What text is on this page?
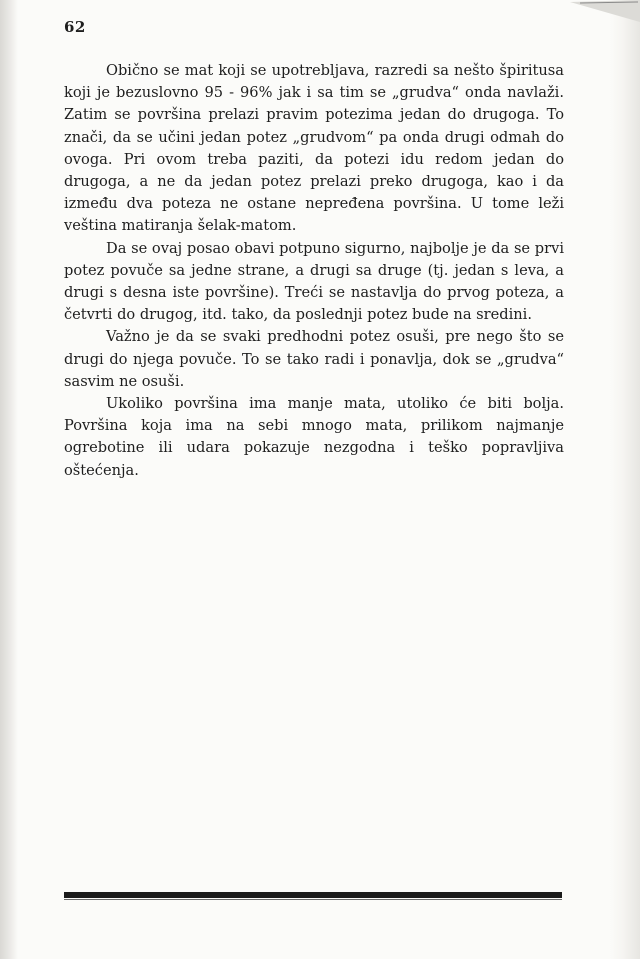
62

Obično se mat koji se upotrebljava, razredi sa nešto špiritusa koji je bezuslovno 95 - 96% jak i sa tim se „grudva“ onda navlaži. Zatim se površina prelazi pravim potezima jedan do drugoga. To znači, da se učini jedan potez „grudvom“ pa onda drugi odmah do ovoga. Pri ovom treba paziti, da potezi idu redom jedan do drugoga, a ne da jedan potez prelazi preko drugoga, kao i da između dva poteza ne ostane nepređena površina. U tome leži veština matiranja šelak-matom.

Da se ovaj posao obavi potpuno sigurno, najbolje je da se prvi potez povuče sa jedne strane, a drugi sa druge (tj. jedan s leva, a drugi s desna iste površine). Treći se nastavlja do prvog poteza, a četvrti do drugog, itd. tako, da poslednji potez bude na sredini.

Važno je da se svaki predhodni potez osuši, pre nego što se drugi do njega povuče. To se tako radi i ponavlja, dok se „grudva“ sasvim ne osuši.

Ukoliko površina ima manje mata, utoliko će biti bolja. Površina koja ima na sebi mnogo mata, prilikom najmanje ogrebotine ili udara pokazuje nezgodna i teško popravljiva oštećenja.
